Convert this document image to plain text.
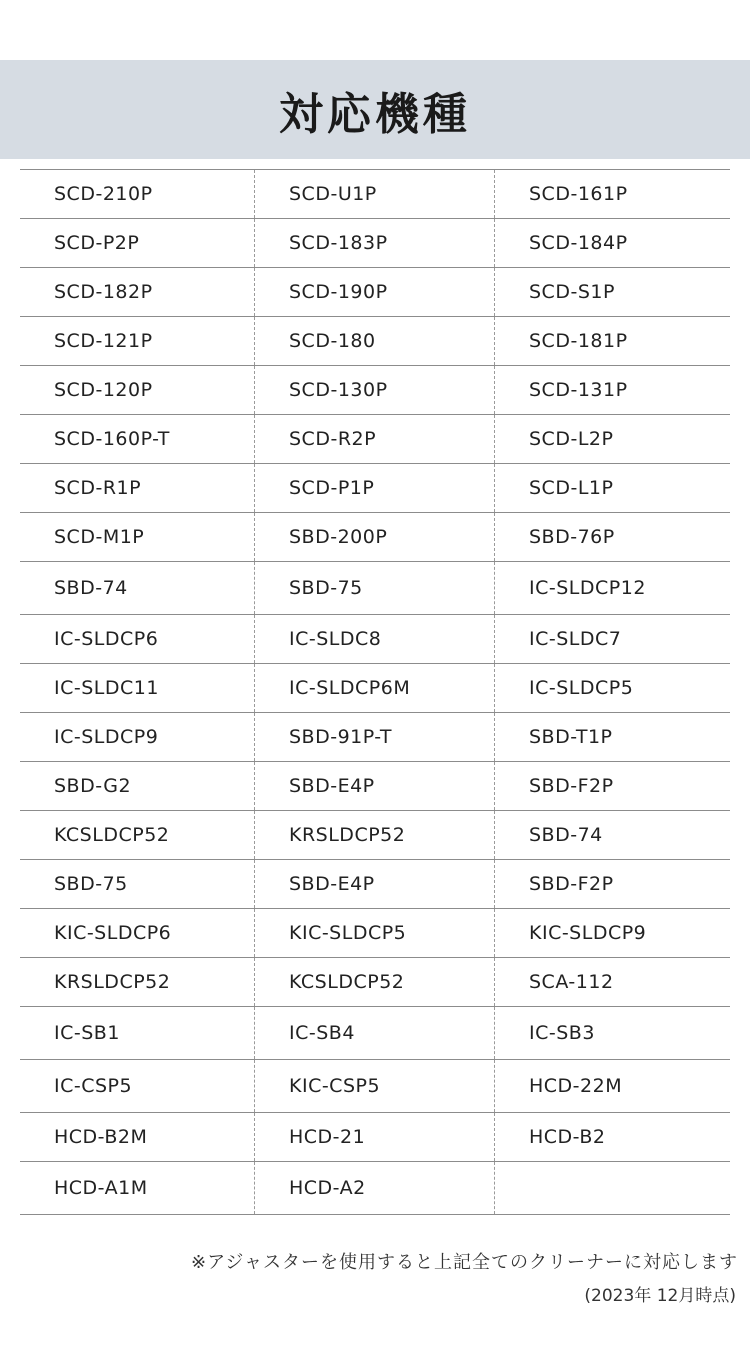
対応機種
SCD-210P	SCD-U1P	SCD-161P
SCD-P2P	SCD-183P	SCD-184P
SCD-182P	SCD-190P	SCD-S1P
SCD-121P	SCD-180	SCD-181P
SCD-120P	SCD-130P	SCD-131P
SCD-160P-T	SCD-R2P	SCD-L2P
SCD-R1P	SCD-P1P	SCD-L1P
SCD-M1P	SBD-200P	SBD-76P
SBD-74	SBD-75	IC-SLDCP12
IC-SLDCP6	IC-SLDC8	IC-SLDC7
IC-SLDC11	IC-SLDCP6M	IC-SLDCP5
IC-SLDCP9	SBD-91P-T	SBD-T1P
SBD-G2	SBD-E4P	SBD-F2P
KCSLDCP52	KRSLDCP52	SBD-74
SBD-75	SBD-E4P	SBD-F2P
KIC-SLDCP6	KIC-SLDCP5	KIC-SLDCP9
KRSLDCP52	KCSLDCP52	SCA-112
IC-SB1	IC-SB4	IC-SB3
IC-CSP5	KIC-CSP5	HCD-22M
HCD-B2M	HCD-21	HCD-B2
HCD-A1M	HCD-A2
※アジャスターを使用すると上記全てのクリーナーに対応します
(2023年 12月時点)
